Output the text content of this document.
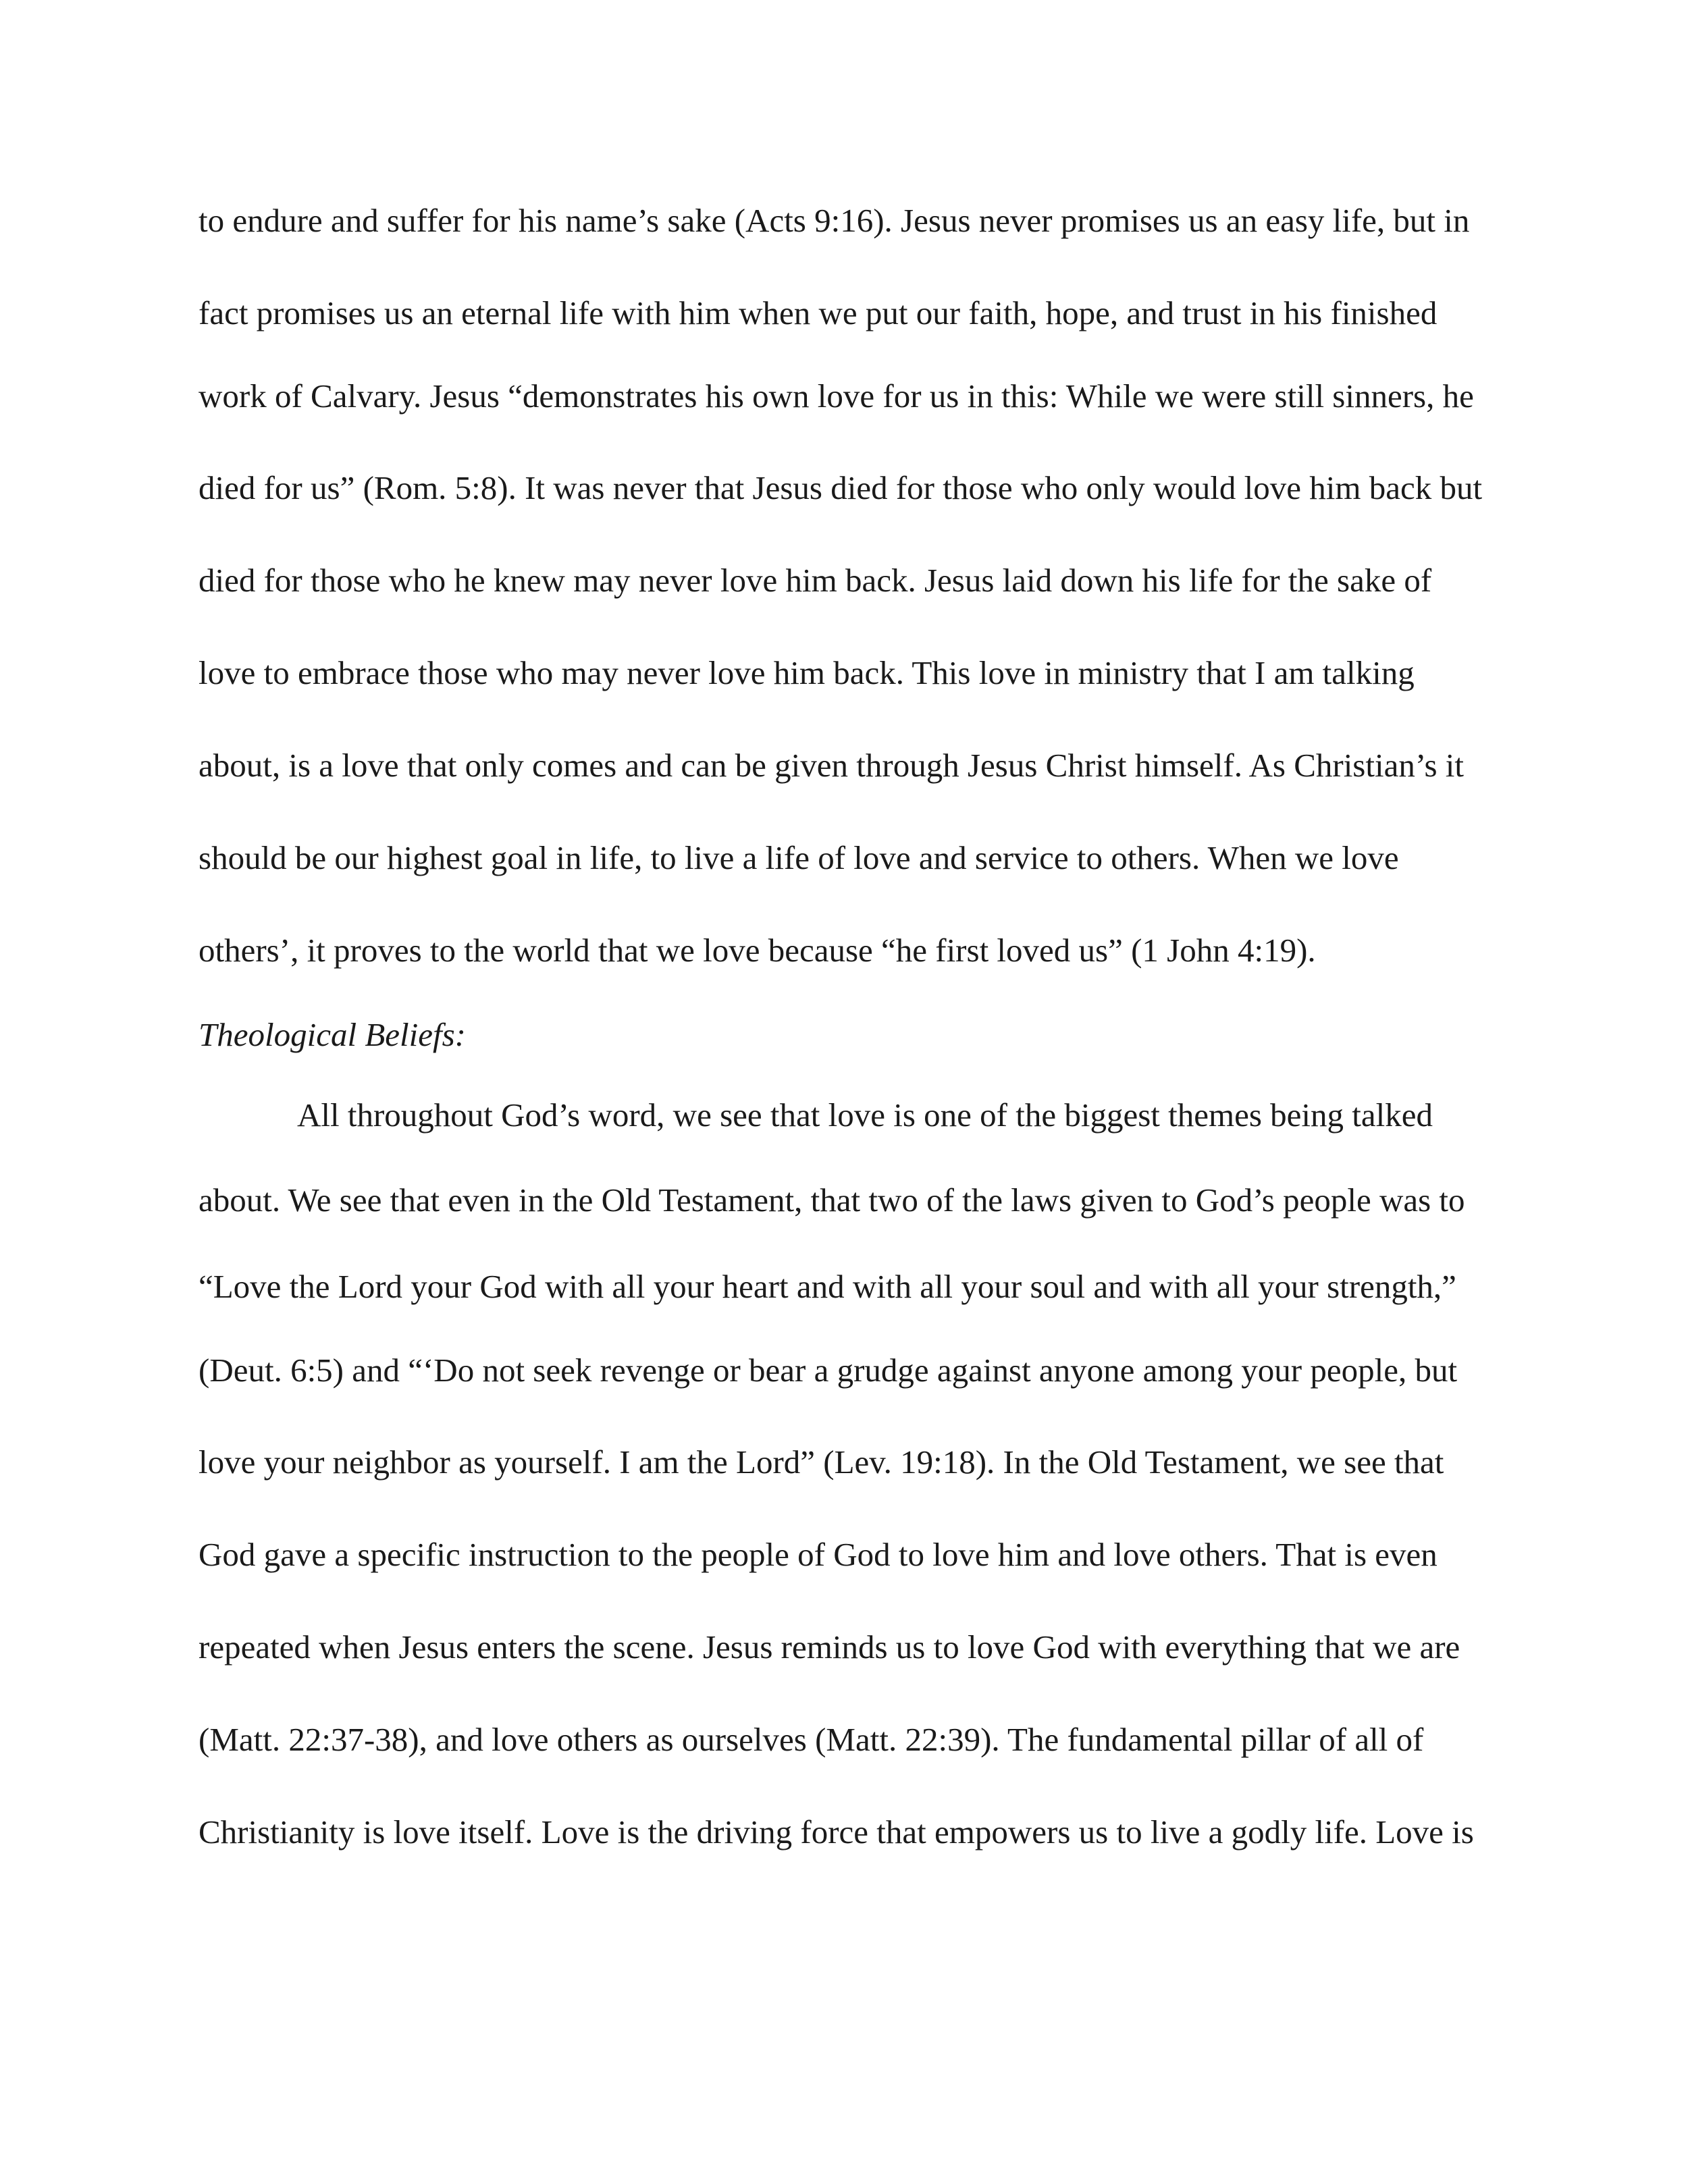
to endure and suffer for his name’s sake (Acts 9:16). Jesus never promises us an easy life, but in
fact promises us an eternal life with him when we put our faith, hope, and trust in his finished
work of Calvary. Jesus “demonstrates his own love for us in this: While we were still sinners, he
died for us” (Rom. 5:8). It was never that Jesus died for those who only would love him back but
died for those who he knew may never love him back. Jesus laid down his life for the sake of
love to embrace those who may never love him back. This love in ministry that I am talking
about, is a love that only comes and can be given through Jesus Christ himself. As Christian’s it
should be our highest goal in life, to live a life of love and service to others. When we love
others’, it proves to the world that we love because “he first loved us” (1 John 4:19).
Theological Beliefs:
All throughout God’s word, we see that love is one of the biggest themes being talked
about. We see that even in the Old Testament, that two of the laws given to God’s people was to
“Love the Lord your God with all your heart and with all your soul and with all your strength,”
(Deut. 6:5) and “‘Do not seek revenge or bear a grudge against anyone among your people, but
love your neighbor as yourself. I am the Lord” (Lev. 19:18). In the Old Testament, we see that
God gave a specific instruction to the people of God to love him and love others. That is even
repeated when Jesus enters the scene. Jesus reminds us to love God with everything that we are
(Matt. 22:37-38), and love others as ourselves (Matt. 22:39). The fundamental pillar of all of
Christianity is love itself. Love is the driving force that empowers us to live a godly life. Love is
